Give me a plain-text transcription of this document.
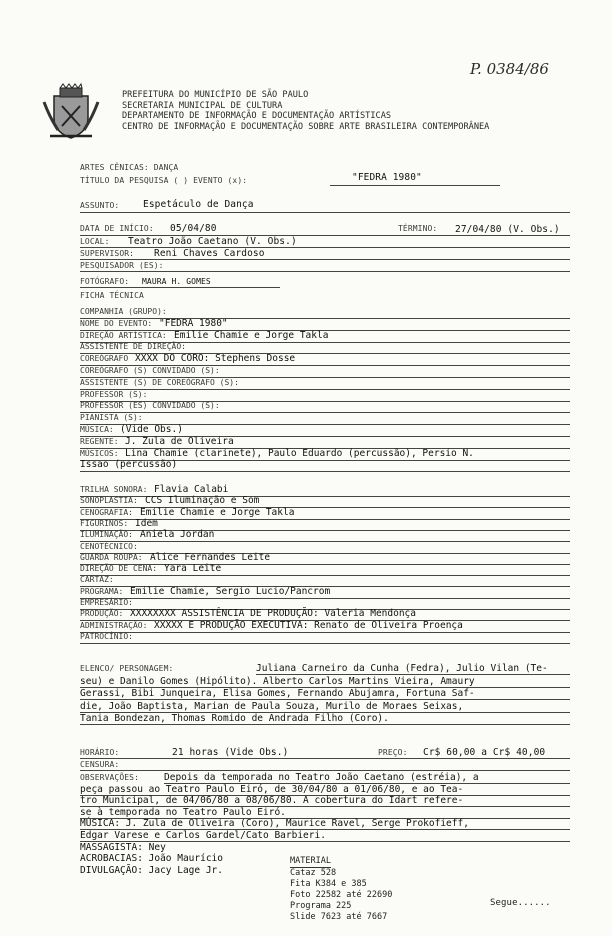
P. 0384/86
PREFEITURA DO MUNICÍPIO DE SÃO PAULO
SECRETARIA MUNICIPAL DE CULTURA
DEPARTAMENTO DE INFORMAÇÃO E DOCUMENTAÇÃO ARTÍSTICAS
CENTRO DE INFORMAÇÃO E DOCUMENTAÇÃO SOBRE ARTE BRASILEIRA CONTEMPORÂNEA
ARTES CÊNICAS: DANÇA
TÍTULO DA PESQUISA ( ) EVENTO (x):	"FEDRA 1980"
ASSUNTO: Espetáculo de Dança
DATA DE INÍCIO: 05/04/80	TÉRMINO: 27/04/80 (V. Obs.)
LOCAL: Teatro João Caetano (V. Obs.)
SUPERVISOR: Reni Chaves Cardoso
PESQUISADOR (ES):
FOTÓGRAFO: MAURA H. GOMES
FICHA TÉCNICA
COMPANHIA (GRUPO):
NOME DO EVENTO: "FEDRA 1980"
DIREÇÃO ARTÍSTICA: Emilie Chamie e Jorge Takla
ASSISTENTE DE DIREÇÃO:
COREÓGRAFO XXXX DO CORO: Stephens Dosse
COREÓGRAFO (S) CONVIDADO (S):
ASSISTENTE (S) DE COREÓGRAFO (S):
PROFESSOR (S):
PROFESSOR (ES) CONVIDADO (S):
PIANISTA (S):
MÚSICA: (Vide Obs.)
REGENTE: J. Zula de Oliveira
MÚSICOS: Lina Chamie (clarinete), Paulo Eduardo (percussão), Persio N.
Issao (percussão)
TRILHA SONORA: Flavia Calabi
SONOPLASTIA: CCS Iluminação e Som
CENOGRAFIA: Emilie Chamie e Jorge Takla
FIGURINOS: Idem
ILUMINAÇÃO: Aniela Jordan
CENOTÉCNICO:
GUARDA ROUPA: Alice Fernandes Leite
DIREÇÃO DE CENA: Yara Leite
CARTAZ:
PROGRAMA: Emilie Chamie, Sergio Lucio/Pancrom
EMPRESÁRIO:
PRODUÇÃO: XXXXXXXX ASSISTÊNCIA DE PRODUÇÃO: Valeria Mendonça
ADMINISTRAÇÃO: XXXXX E PRODUÇÃO EXECUTIVA: Renato de Oliveira Proença
PATROCÍNIO:
ELENCO/ PERSONAGEM:	Juliana Carneiro da Cunha (Fedra), Julio Vilan (Te-
seu) e Danilo Gomes (Hipólito). Alberto Carlos Martins Vieira, Amaury
Gerassi, Bibi Junqueira, Elisa Gomes, Fernando Abujamra, Fortuna Saf-
die, João Baptista, Marian de Paula Souza, Murilo de Moraes Seixas,
Tania Bondezan, Thomas Romido de Andrada Filho (Coro).
HORÁRIO:	21 horas (Vide Obs.)	PREÇO: Cr$ 60,00 a Cr$ 40,00
CENSURA:
OBSERVAÇÕES:	Depois da temporada no Teatro João Caetano (estréia), a
peça passou ao Teatro Paulo Eiró, de 30/04/80 a 01/06/80, e ao Tea-
tro Municipal, de 04/06/80 a 08/06/80. A cobertura do Idart refere-
se à temporada no Teatro Paulo Eiró.
MÚSICA: J. Zula de Oliveira (Coro), Maurice Ravel, Serge Prokofieff,
Edgar Varese e Carlos Gardel/Cato Barbieri.
MASSAGISTA: Ney
ACROBACIAS: João Maurício
DIVULGAÇÃO: Jacy Lage Jr.
MATERIAL
Cataz 528
Fita K384 e 385
Foto 22582 até 22690
Programa 225
Slide 7623 até 7667
Segue......
